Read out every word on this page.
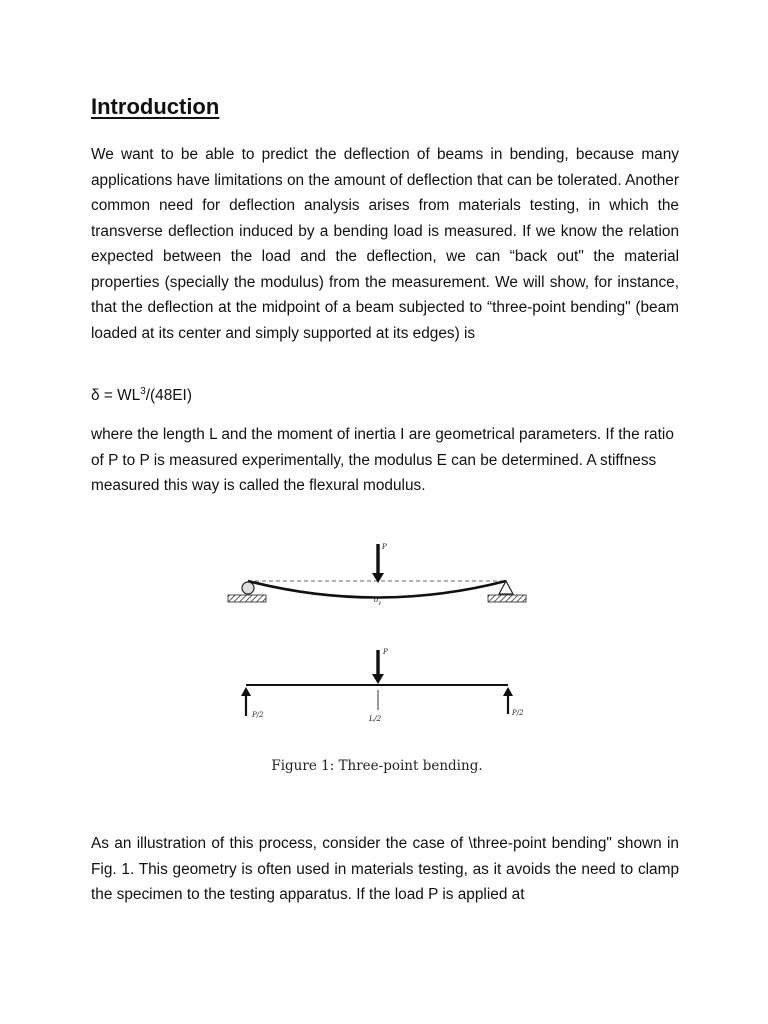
Introduction

We want to be able to predict the deflection of beams in bending, because many applications have limitations on the amount of deflection that can be tolerated. Another common need for deflection analysis arises from materials testing, in which the transverse deflection induced by a bending load is measured. If we know the relation expected between the load and the deflection, we can “back out" the material properties (specially the modulus) from the measurement. We will show, for instance, that the deflection at the midpoint of a beam subjected to “three-point bending" (beam loaded at its center and simply supported at its edges) is

$\delta = WL^3/(48EI)$

where the length L and the moment of inertia I are geometrical parameters. If the ratio of P to P is measured experimentally, the modulus E can be determined. A stiffness measured this way is called the flexural modulus.

P
$\delta_y$
P
L/2
P/2	P/2

Figure 1: Three-point bending.

As an illustration of this process, consider the case of \three-point bending" shown in Fig. 1. This geometry is often used in materials testing, as it avoids the need to clamp the specimen to the testing apparatus. If the load P is applied at
